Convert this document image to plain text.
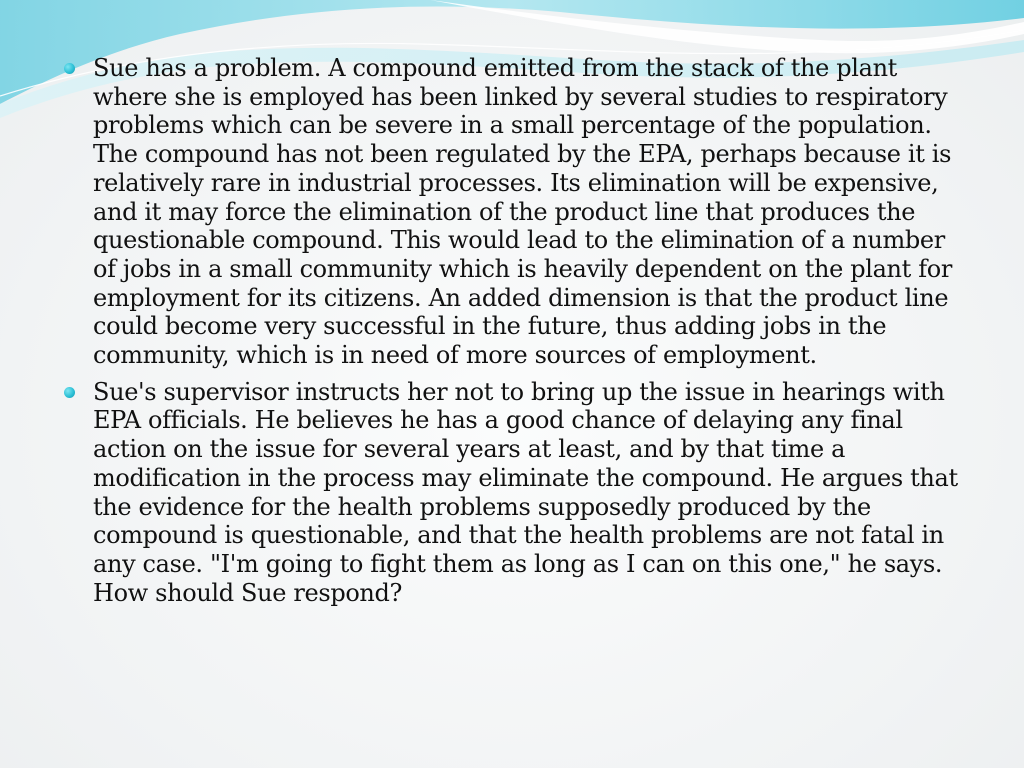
Sue has a problem. A compound emitted from the stack of the plant where she is employed has been linked by several studies to respiratory problems which can be severe in a small percentage of the population. The compound has not been regulated by the EPA, perhaps because it is relatively rare in industrial processes. Its elimination will be expensive, and it may force the elimination of the product line that produces the questionable compound. This would lead to the elimination of a number of jobs in a small community which is heavily dependent on the plant for employment for its citizens. An added dimension is that the product line could become very successful in the future, thus adding jobs in the community, which is in need of more sources of employment.
Sue's supervisor instructs her not to bring up the issue in hearings with EPA officials. He believes he has a good chance of delaying any final action on the issue for several years at least, and by that time a modification in the process may eliminate the compound. He argues that the evidence for the health problems supposedly produced by the compound is questionable, and that the health problems are not fatal in any case. "I'm going to fight them as long as I can on this one," he says. How should Sue respond?
